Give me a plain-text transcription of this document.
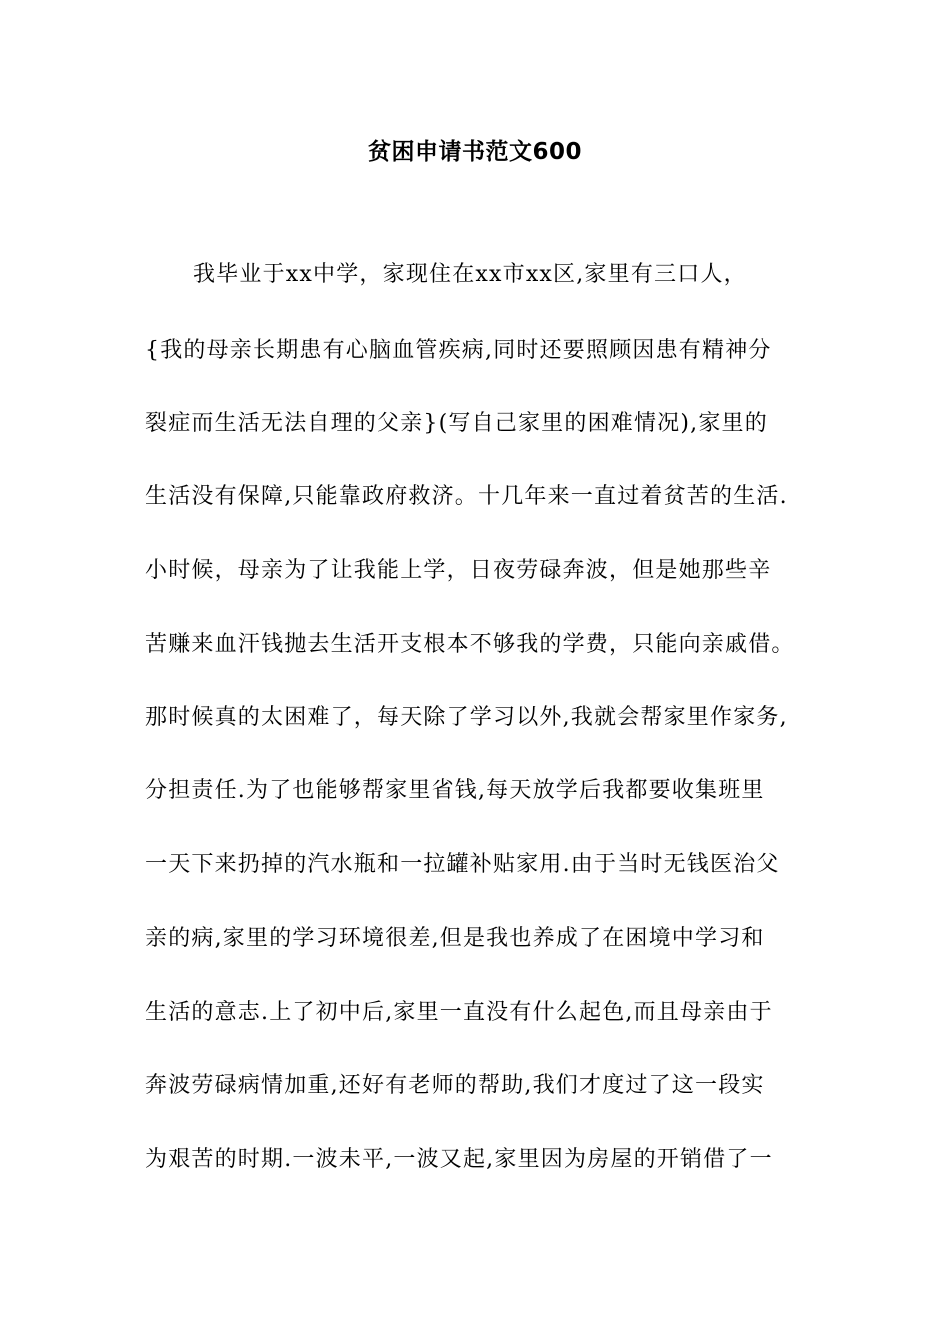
贫困申请书范文600
我毕业于xx中学，家现住在xx市xx区,家里有三口人，
{我的母亲长期患有心脑血管疾病,同时还要照顾因患有精神分
裂症而生活无法自理的父亲}(写自己家里的困难情况),家里的
生活没有保障,只能靠政府救济。十几年来一直过着贫苦的生活.
小时候，母亲为了让我能上学，日夜劳碌奔波，但是她那些辛
苦赚来血汗钱抛去生活开支根本不够我的学费，只能向亲戚借。
那时候真的太困难了，每天除了学习以外,我就会帮家里作家务,
分担责任.为了也能够帮家里省钱,每天放学后我都要收集班里
一天下来扔掉的汽水瓶和一拉罐补贴家用.由于当时无钱医治父
亲的病,家里的学习环境很差,但是我也养成了在困境中学习和
生活的意志.上了初中后,家里一直没有什么起色,而且母亲由于
奔波劳碌病情加重,还好有老师的帮助,我们才度过了这一段实
为艰苦的时期.一波未平,一波又起,家里因为房屋的开销借了一
